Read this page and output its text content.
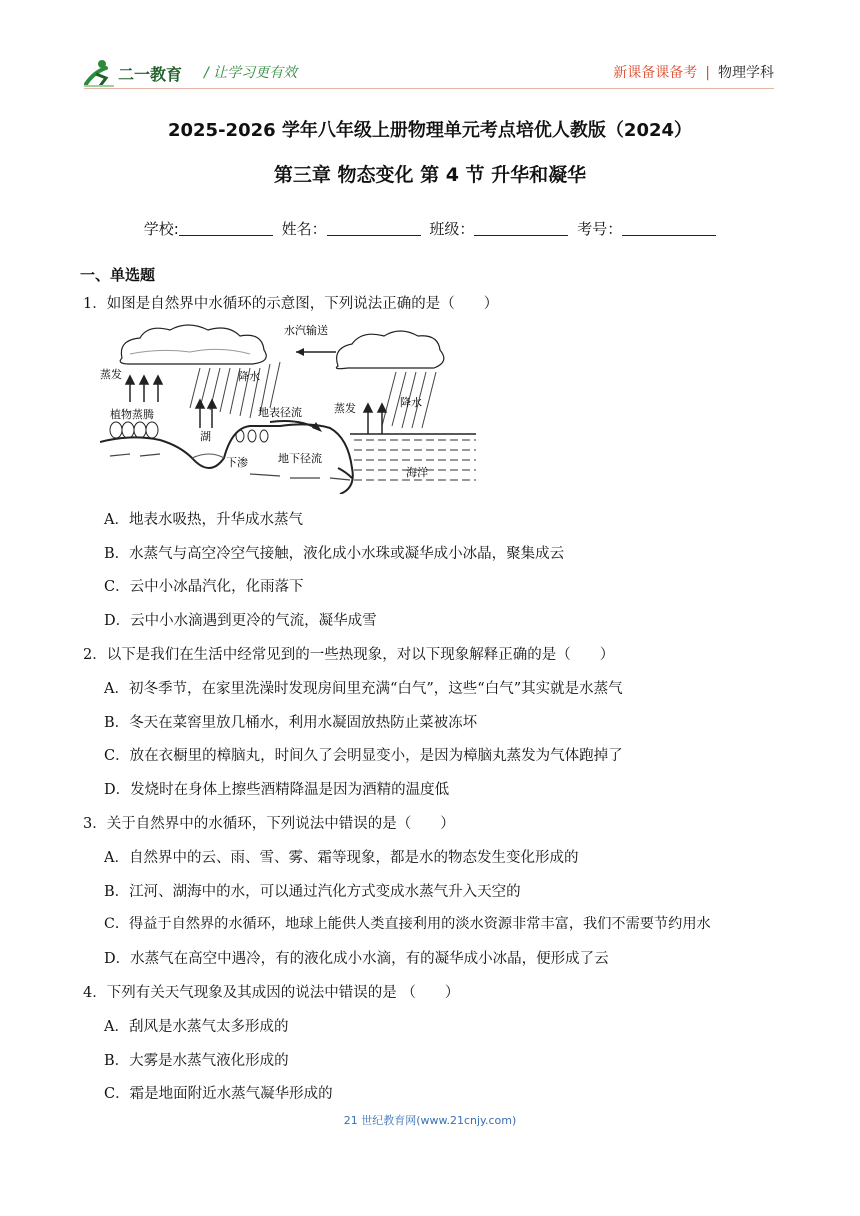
二一教育 / 让学习更有效	新课备课备考 | 物理学科
2025-2026 学年八年级上册物理单元考点培优人教版（2024）
第三章 物态变化 第 4 节 升华和凝华
学校:	姓名：	班级：	考号：
一、单选题
1．如图是自然界中水循环的示意图，下列说法正确的是（　　）
水汽输送
降水
降水
蒸发
植物蒸腾	蒸发
湖
地表径流
下渗	地下径流
海洋
A．地表水吸热，升华成水蒸气
B．水蒸气与高空冷空气接触，液化成小水珠或凝华成小冰晶，聚集成云
C．云中小冰晶汽化，化雨落下
D．云中小水滴遇到更冷的气流，凝华成雪
2．以下是我们在生活中经常见到的一些热现象，对以下现象解释正确的是（　　）
A．初冬季节，在家里洗澡时发现房间里充满“白气”，这些“白气”其实就是水蒸气
B．冬天在菜窖里放几桶水，利用水凝固放热防止菜被冻坏
C．放在衣橱里的樟脑丸，时间久了会明显变小，是因为樟脑丸蒸发为气体跑掉了
D．发烧时在身体上擦些酒精降温是因为酒精的温度低
3．关于自然界中的水循环，下列说法中错误的是（　　）
A．自然界中的云、雨、雪、雾、霜等现象，都是水的物态发生变化形成的
B．江河、湖海中的水，可以通过汽化方式变成水蒸气升入天空的
C．得益于自然界的水循环，地球上能供人类直接利用的淡水资源非常丰富，我们不需要节约用水
D．水蒸气在高空中遇冷，有的液化成小水滴，有的凝华成小冰晶，便形成了云
4．下列有关天气现象及其成因的说法中错误的是 （　　）
A．刮风是水蒸气太多形成的
B．大雾是水蒸气液化形成的
C．霜是地面附近水蒸气凝华形成的
21 世纪教育网(www.21cnjy.com)
